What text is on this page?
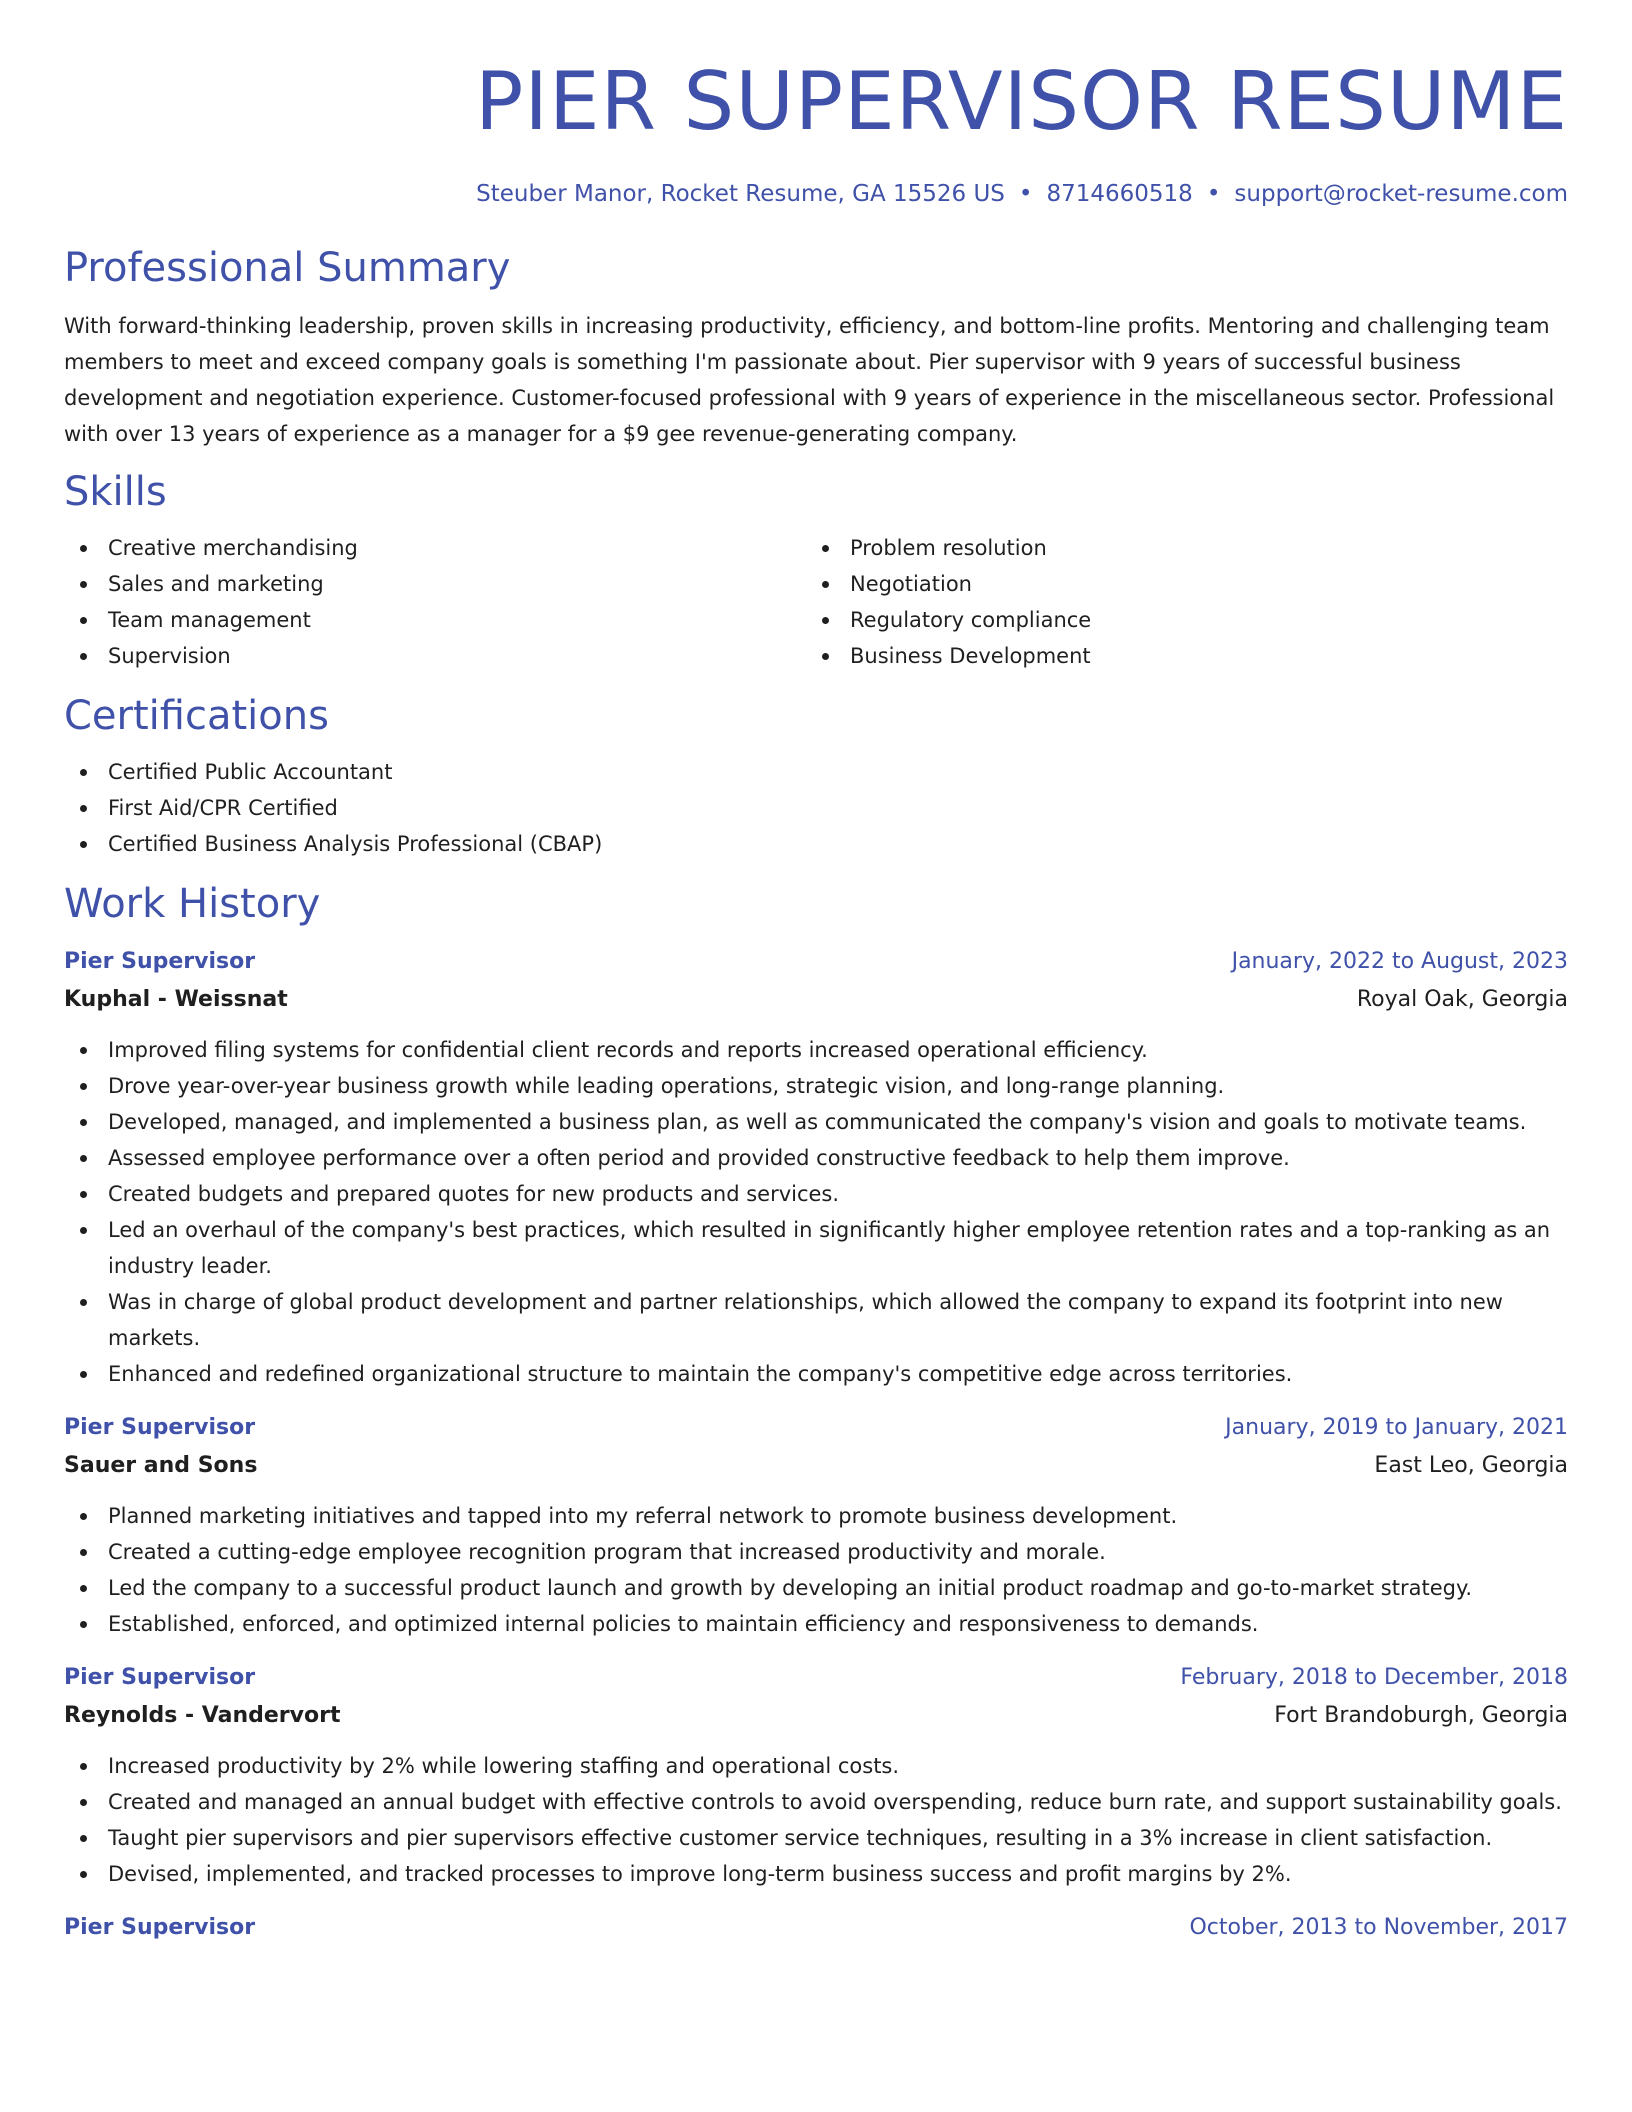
PIER SUPERVISOR RESUME
Steuber Manor, Rocket Resume, GA 15526 US • 8714660518 • support@rocket-resume.com
Professional Summary

With forward-thinking leadership, proven skills in increasing productivity, efficiency, and bottom-line profits. Mentoring and challenging team members to meet and exceed company goals is something I'm passionate about. Pier supervisor with 9 years of successful business development and negotiation experience. Customer-focused professional with 9 years of experience in the miscellaneous sector. Professional with over 13 years of experience as a manager for a $9 gee revenue-generating company.

Skills
Creative merchandising
Sales and marketing
Team management
Supervision
Problem resolution
Negotiation
Regulatory compliance
Business Development
Certifications
Certified Public Accountant
First Aid/CPR Certified
Certified Business Analysis Professional (CBAP)
Work History
Pier Supervisor	January, 2022 to August, 2023
Kuphal - Weissnat	Royal Oak, Georgia
Improved filing systems for confidential client records and reports increased operational efficiency.
Drove year-over-year business growth while leading operations, strategic vision, and long-range planning.
Developed, managed, and implemented a business plan, as well as communicated the company's vision and goals to motivate teams.
Assessed employee performance over a often period and provided constructive feedback to help them improve.
Created budgets and prepared quotes for new products and services.
Led an overhaul of the company's best practices, which resulted in significantly higher employee retention rates and a top-ranking as an industry leader.
Was in charge of global product development and partner relationships, which allowed the company to expand its footprint into new markets.
Enhanced and redefined organizational structure to maintain the company's competitive edge across territories.
Pier Supervisor	January, 2019 to January, 2021
Sauer and Sons	East Leo, Georgia
Planned marketing initiatives and tapped into my referral network to promote business development.
Created a cutting-edge employee recognition program that increased productivity and morale.
Led the company to a successful product launch and growth by developing an initial product roadmap and go-to-market strategy.
Established, enforced, and optimized internal policies to maintain efficiency and responsiveness to demands.
Pier Supervisor	February, 2018 to December, 2018
Reynolds - Vandervort	Fort Brandoburgh, Georgia
Increased productivity by 2% while lowering staffing and operational costs.
Created and managed an annual budget with effective controls to avoid overspending, reduce burn rate, and support sustainability goals.
Taught pier supervisors and pier supervisors effective customer service techniques, resulting in a 3% increase in client satisfaction.
Devised, implemented, and tracked processes to improve long-term business success and profit margins by 2%.
Pier Supervisor	October, 2013 to November, 2017
